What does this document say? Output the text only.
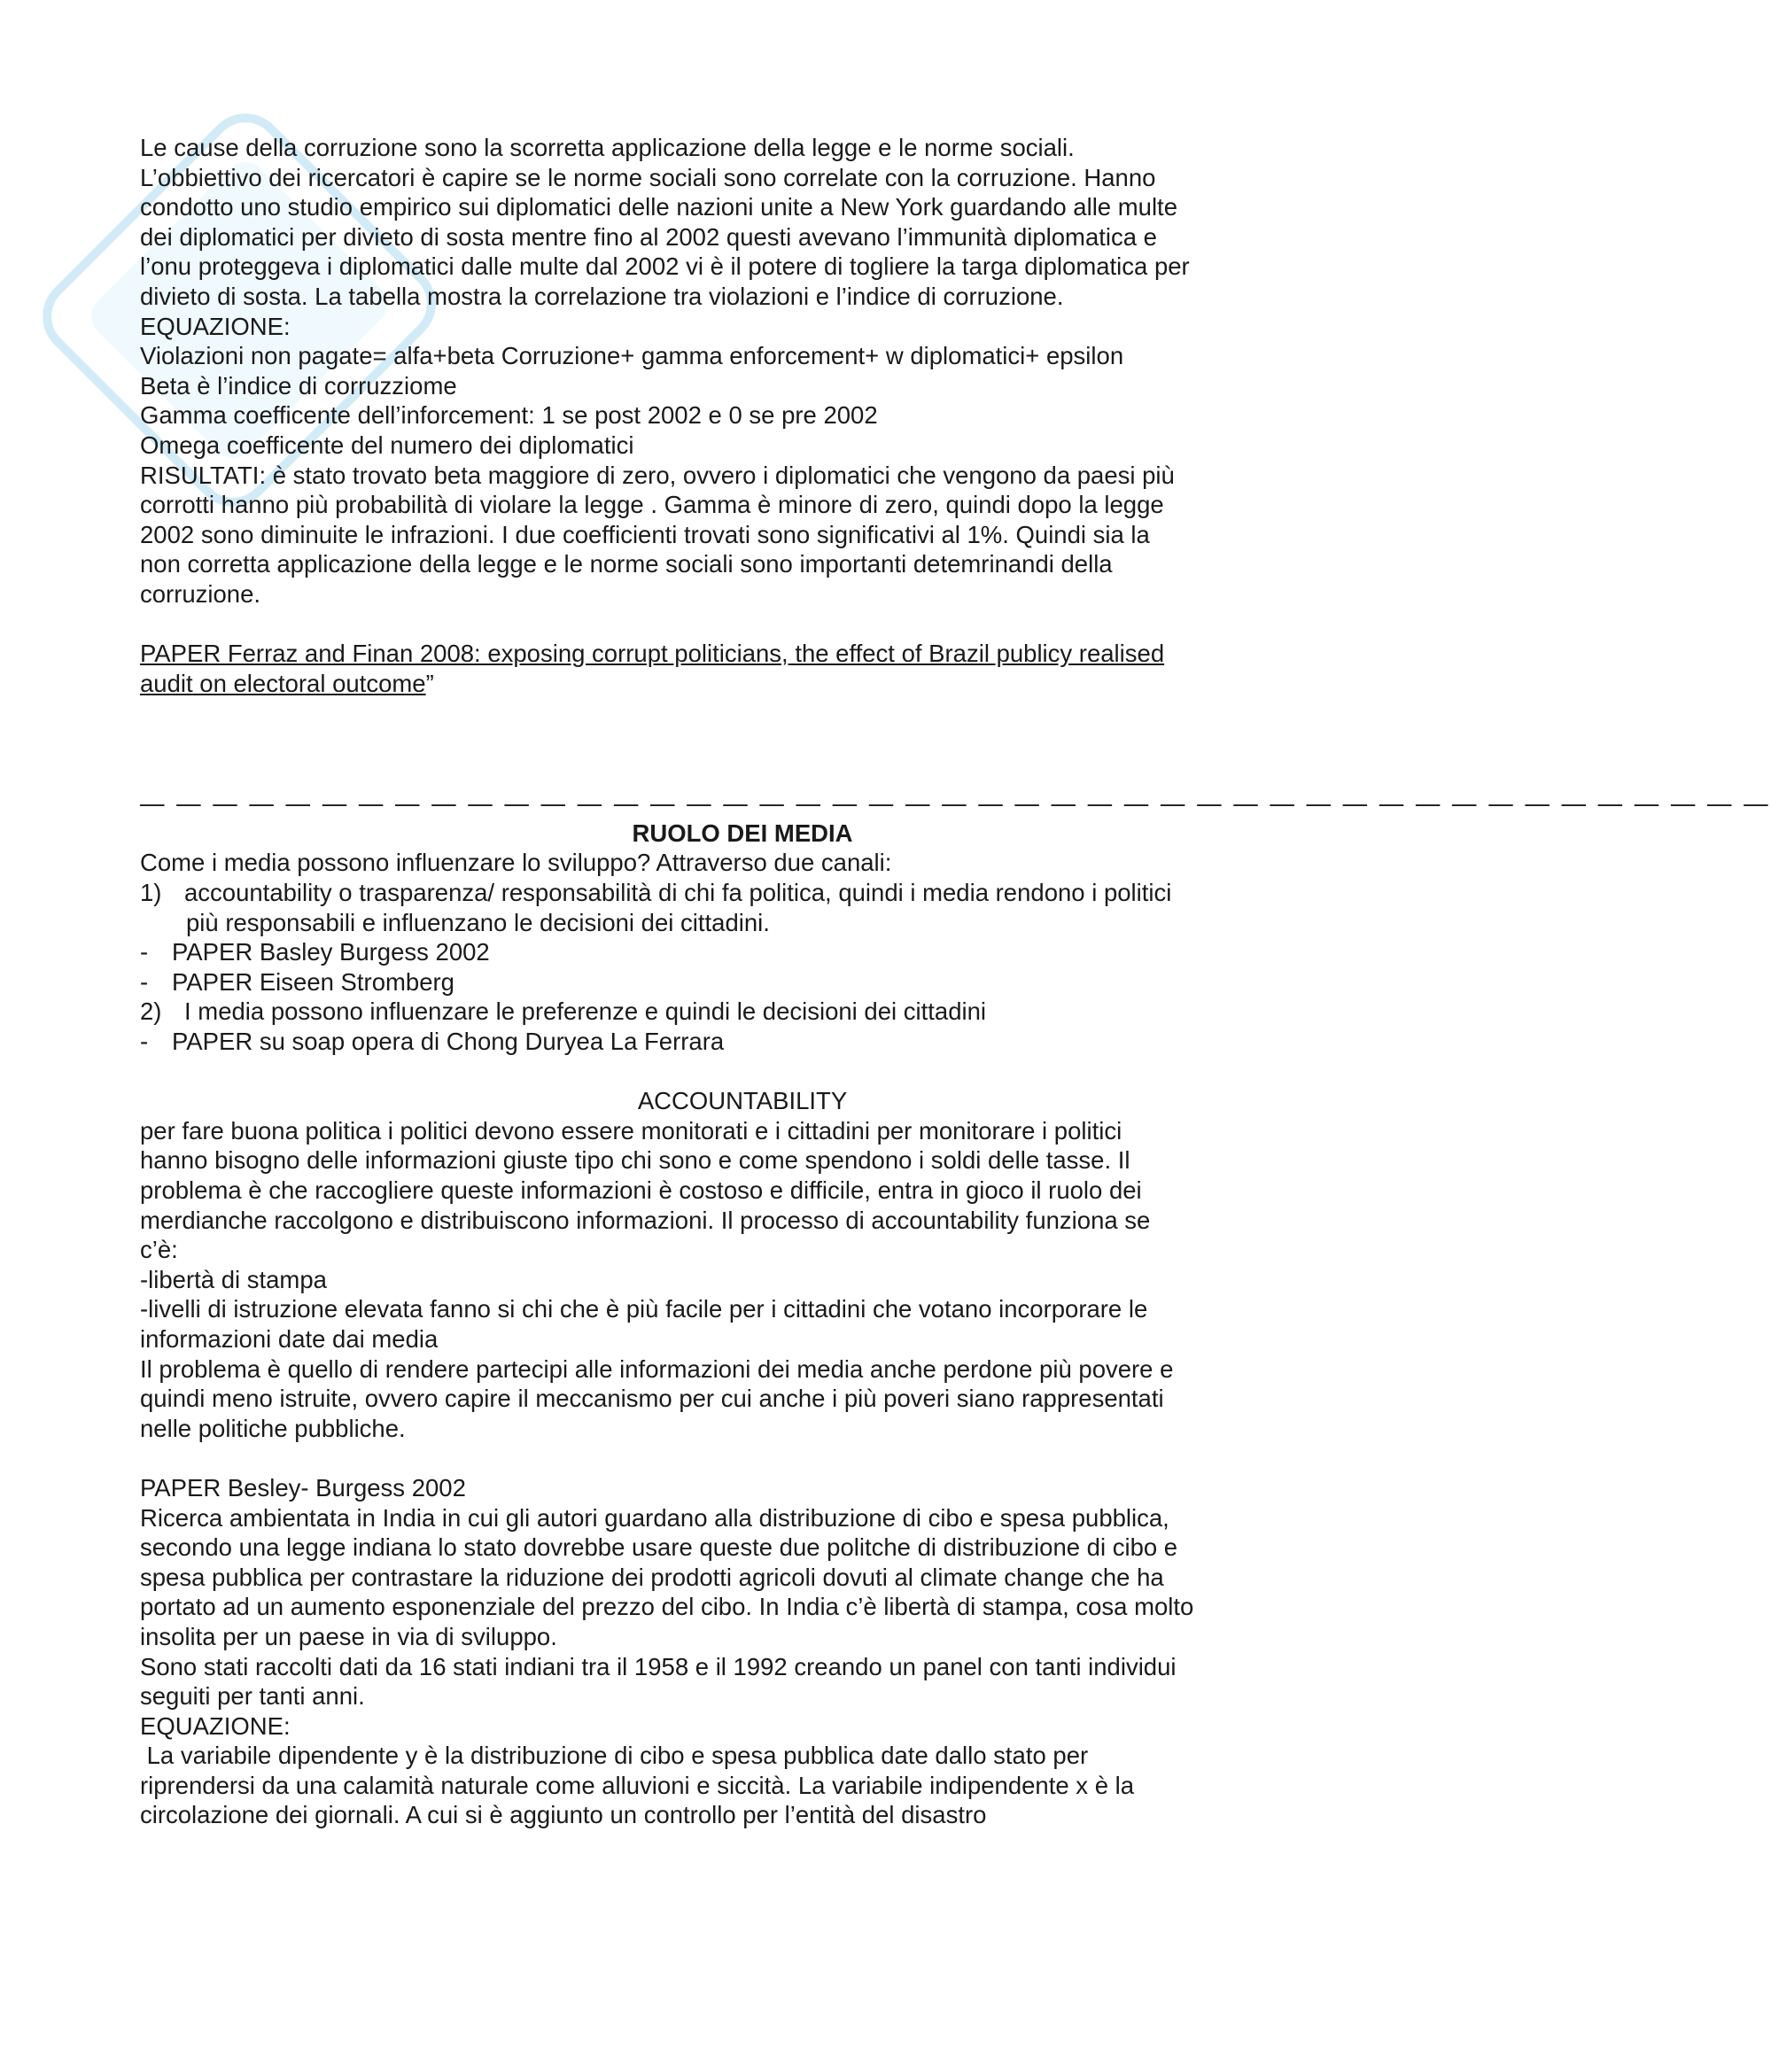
Le cause della corruzione sono la scorretta applicazione della legge e le norme sociali.
L’obbiettivo dei ricercatori è capire se le norme sociali sono correlate con la corruzione. Hanno
condotto uno studio empirico sui diplomatici delle nazioni unite a New York guardando alle multe
dei diplomatici per divieto di sosta mentre fino al 2002 questi avevano l’immunità diplomatica e
l’onu proteggeva i diplomatici dalle multe dal 2002 vi è il potere di togliere la targa diplomatica per
divieto di sosta. La tabella mostra la correlazione tra violazioni e l’indice di corruzione.
EQUAZIONE:
Violazioni non pagate= alfa+beta Corruzione+ gamma enforcement+ w diplomatici+ epsilon
Beta è l’indice di corruzziome
Gamma coefficente dell’inforcement: 1 se post 2002 e 0 se pre 2002
Omega coefficente del numero dei diplomatici
RISULTATI: è stato trovato beta maggiore di zero, ovvero i diplomatici che vengono da paesi più
corrotti hanno più probabilità di violare la legge . Gamma è minore di zero, quindi dopo la legge
2002 sono diminuite le infrazioni. I due coefficienti trovati sono significativi al 1%. Quindi sia la
non corretta applicazione della legge e le norme sociali sono importanti detemrinandi della
corruzione.
PAPER Ferraz and Finan 2008: exposing corrupt politicians, the effect of Brazil publicy realised
audit on electoral outcome”
— — — — — — — — — — — — — — — — — — — — — — — — — — — — — — — — — — — — — — — — — — — — —
RUOLO DEI MEDIA
Come i media possono influenzare lo sviluppo? Attraverso due canali:
1) accountability o trasparenza/ responsabilità di chi fa politica, quindi i media rendono i politici
più responsabili e influenzano le decisioni dei cittadini.
- PAPER Basley Burgess 2002
- PAPER Eiseen Stromberg
2) I media possono influenzare le preferenze e quindi le decisioni dei cittadini
- PAPER su soap opera di Chong Duryea La Ferrara
ACCOUNTABILITY
per fare buona politica i politici devono essere monitorati e i cittadini per monitorare i politici
hanno bisogno delle informazioni giuste tipo chi sono e come spendono i soldi delle tasse. Il
problema è che raccogliere queste informazioni è costoso e difficile, entra in gioco il ruolo dei
merdianche raccolgono e distribuiscono informazioni. Il processo di accountability funziona se
c’è:
-libertà di stampa
-livelli di istruzione elevata fanno si chi che è più facile per i cittadini che votano incorporare le
informazioni date dai media
Il problema è quello di rendere partecipi alle informazioni dei media anche perdone più povere e
quindi meno istruite, ovvero capire il meccanismo per cui anche i più poveri siano rappresentati
nelle politiche pubbliche.
PAPER Besley- Burgess 2002
Ricerca ambientata in India in cui gli autori guardano alla distribuzione di cibo e spesa pubblica,
secondo una legge indiana lo stato dovrebbe usare queste due politche di distribuzione di cibo e
spesa pubblica per contrastare la riduzione dei prodotti agricoli dovuti al climate change che ha
portato ad un aumento esponenziale del prezzo del cibo. In India c’è libertà di stampa, cosa molto
insolita per un paese in via di sviluppo.
Sono stati raccolti dati da 16 stati indiani tra il 1958 e il 1992 creando un panel con tanti individui
seguiti per tanti anni.
EQUAZIONE:
La variabile dipendente y è la distribuzione di cibo e spesa pubblica date dallo stato per
riprendersi da una calamità naturale come alluvioni e siccità. La variabile indipendente x è la
circolazione dei giornali. A cui si è aggiunto un controllo per l’entità del disastro
